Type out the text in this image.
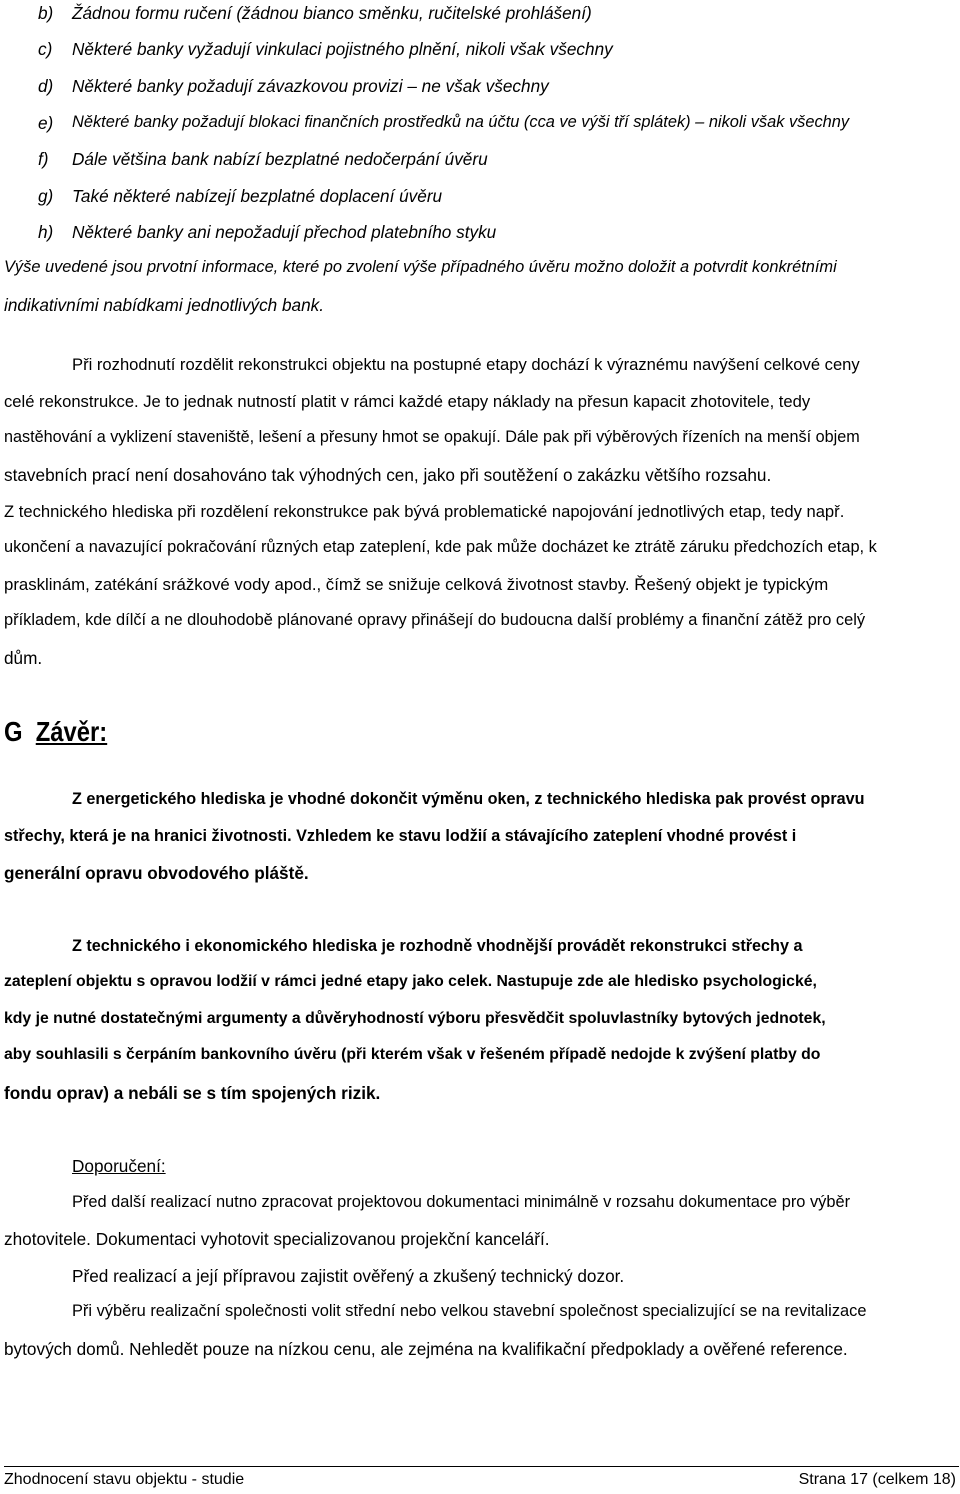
b) Žádnou formu ručení (žádnou bianco směnku, ručitelské prohlášení)
c) Některé banky vyžadují vinkulaci pojistného plnění, nikoli však všechny
d) Některé banky požadují závazkovou provizi – ne však všechny
e) Některé banky požadují blokaci finančních prostředků na účtu (cca ve výši tří splátek) – nikoli však všechny
f) Dále většina bank nabízí bezplatné nedočerpání úvěru
g) Také některé nabízejí bezplatné doplacení úvěru
h) Některé banky ani nepožadují přechod platebního styku
Výše uvedené jsou prvotní informace, které po zvolení výše případného úvěru možno doložit a potvrdit konkrétními
indikativními nabídkami jednotlivých bank.
Při rozhodnutí rozdělit rekonstrukci objektu na postupné etapy dochází k výraznému navýšení celkové ceny
celé rekonstrukce. Je to jednak nutností platit v rámci každé etapy náklady na přesun kapacit zhotovitele, tedy
nastěhování a vyklizení staveniště, lešení a přesuny hmot se opakují. Dále pak při výběrových řízeních na menší objem
stavebních prací není dosahováno tak výhodných cen, jako při soutěžení o zakázku většího rozsahu.
Z technického hlediska při rozdělení rekonstrukce pak bývá problematické napojování jednotlivých etap, tedy např.
ukončení a navazující pokračování různých etap zateplení, kde pak může docházet ke ztrátě záruku předchozích etap, k
prasklinám, zatékání srážkové vody apod., čímž se snižuje celková životnost stavby. Řešený objekt je typickým
příkladem, kde dílčí a ne dlouhodobě plánované opravy přinášejí do budoucna další problémy a finanční zátěž pro celý
dům.
G Závěr:
Z energetického hlediska je vhodné dokončit výměnu oken, z technického hlediska pak provést opravu
střechy, která je na hranici životnosti. Vzhledem ke stavu lodžií a stávajícího zateplení vhodné provést i
generální opravu obvodového pláště.
Z technického i ekonomického hlediska je rozhodně vhodnější provádět rekonstrukci střechy a
zateplení objektu s opravou lodžií v rámci jedné etapy jako celek. Nastupuje zde ale hledisko psychologické,
kdy je nutné dostatečnými argumenty a důvěryhodností výboru přesvědčit spoluvlastníky bytových jednotek,
aby souhlasili s čerpáním bankovního úvěru (při kterém však v řešeném případě nedojde k zvýšení platby do
fondu oprav) a nebáli se s tím spojených rizik.
Doporučení:
Před další realizací nutno zpracovat projektovou dokumentaci minimálně v rozsahu dokumentace pro výběr
zhotovitele. Dokumentaci vyhotovit specializovanou projekční kanceláří.
Před realizací a její přípravou zajistit ověřený a zkušený technický dozor.
Při výběru realizační společnosti volit střední nebo velkou stavební společnost specializující se na revitalizace
bytových domů. Nehledět pouze na nízkou cenu, ale zejména na kvalifikační předpoklady a ověřené reference.
Zhodnocení stavu objektu - studie	Strana 17 (celkem 18)
